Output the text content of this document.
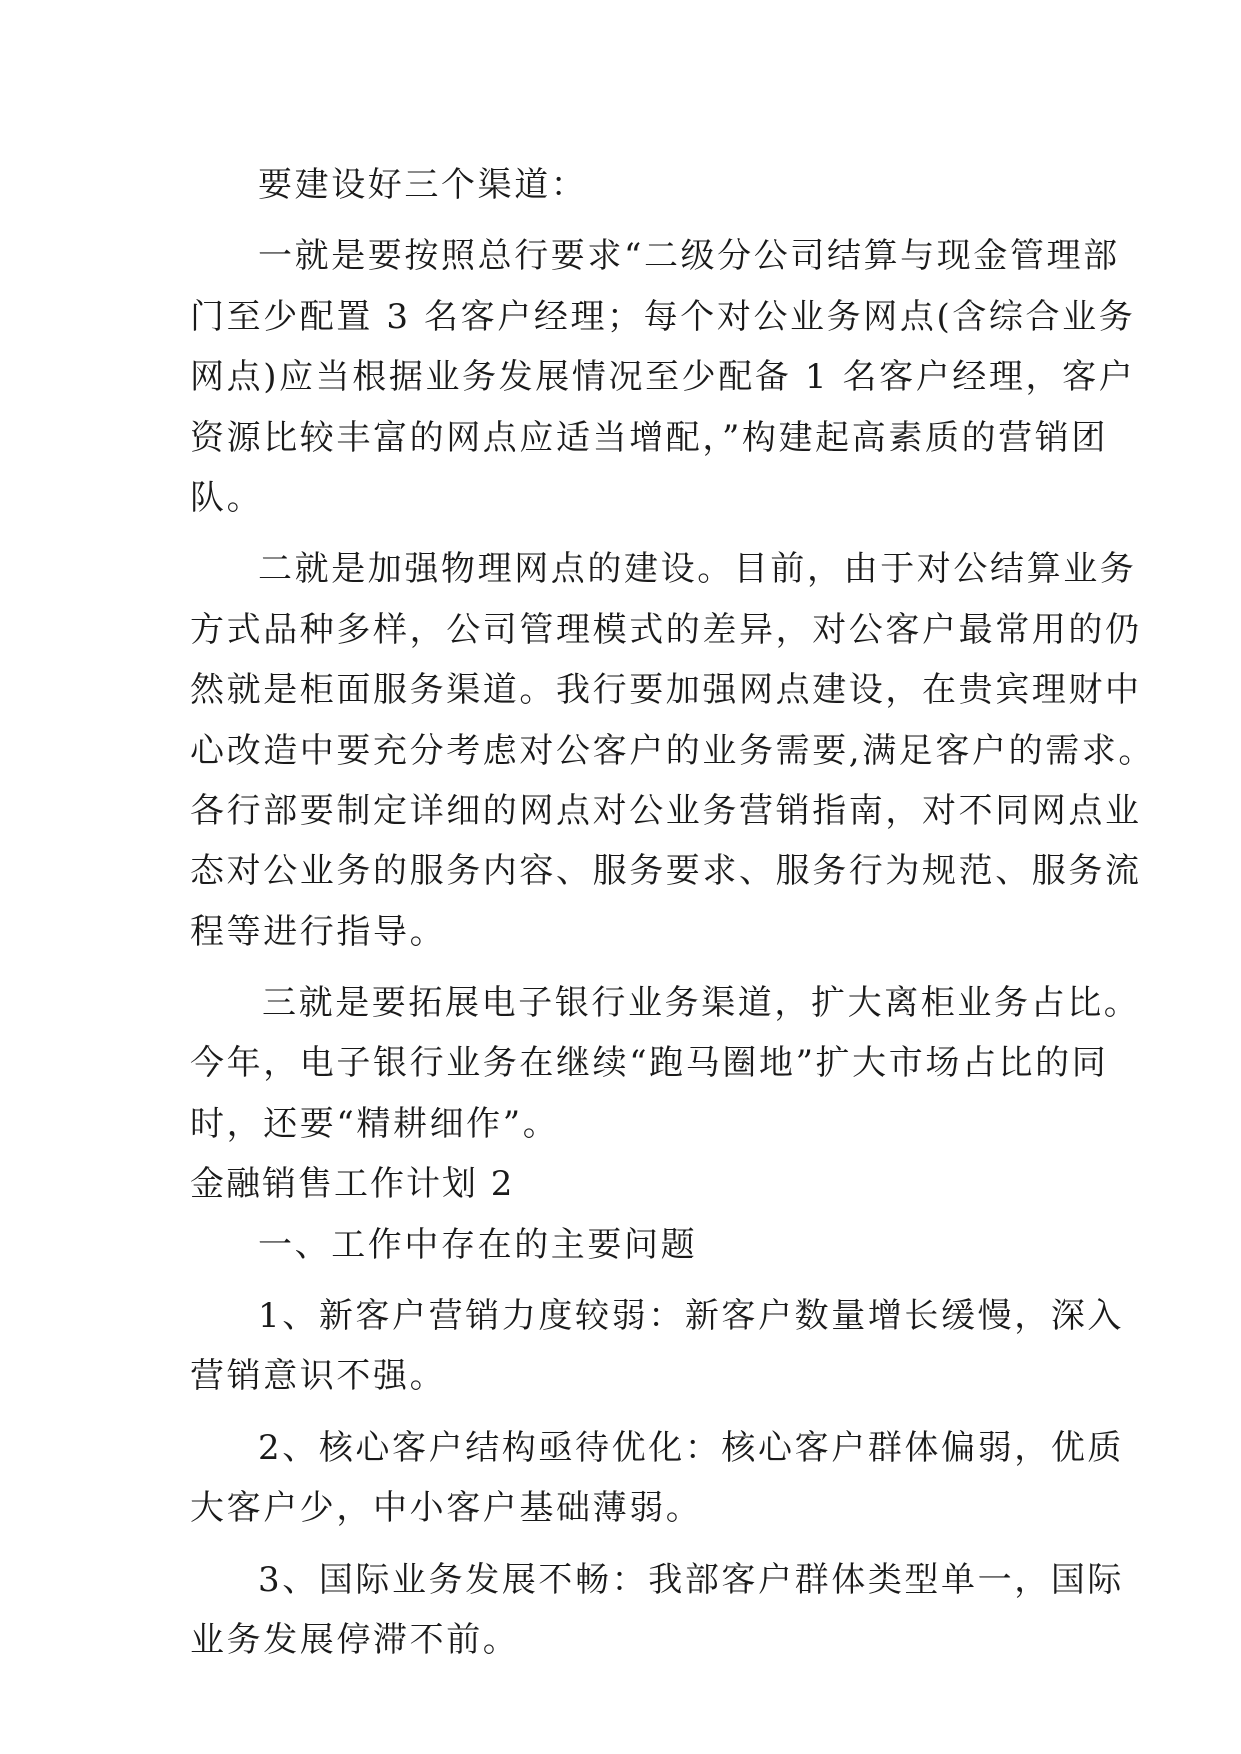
要建设好三个渠道：
一就是要按照总行要求“二级分公司结算与现金管理部
门至少配置 3 名客户经理；每个对公业务网点(含综合业务
网点)应当根据业务发展情况至少配备 1 名客户经理，客户
资源比较丰富的网点应适当增配，”构建起高素质的营销团
队。
二就是加强物理网点的建设。目前，由于对公结算业务
方式品种多样，公司管理模式的差异，对公客户最常用的仍
然就是柜面服务渠道。我行要加强网点建设，在贵宾理财中
心改造中要充分考虑对公客户的业务需要,满足客户的需求。
各行部要制定详细的网点对公业务营销指南，对不同网点业
态对公业务的服务内容、服务要求、服务行为规范、服务流
程等进行指导。
三就是要拓展电子银行业务渠道，扩大离柜业务占比。
今年，电子银行业务在继续“跑马圈地”扩大市场占比的同
时，还要“精耕细作”。
金融销售工作计划 2
一、工作中存在的主要问题
1、新客户营销力度较弱：新客户数量增长缓慢，深入
营销意识不强。
2、核心客户结构亟待优化：核心客户群体偏弱，优质
大客户少，中小客户基础薄弱。
3、国际业务发展不畅：我部客户群体类型单一，国际
业务发展停滞不前。
